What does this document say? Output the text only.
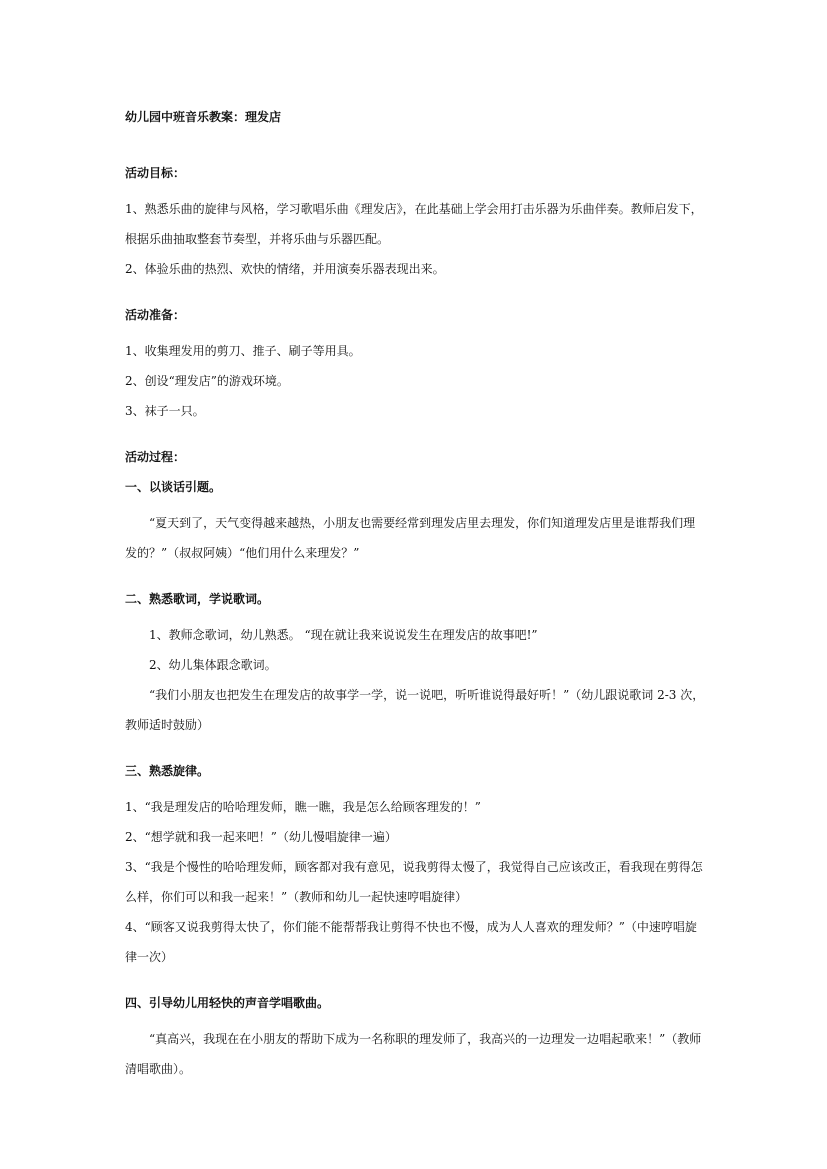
幼儿园中班音乐教案：理发店
活动目标：

1、熟悉乐曲的旋律与风格，学习歌唱乐曲《理发店》，在此基础上学会用打击乐器为乐曲伴奏。教师启发下，根据乐曲抽取整套节奏型，并将乐曲与乐器匹配。

2、体验乐曲的热烈、欢快的情绪，并用演奏乐器表现出来。

活动准备：

1、收集理发用的剪刀、推子、刷子等用具。

2、创设“理发店”的游戏环境。

3、袜子一只。

活动过程：
一、以谈话引题。

“夏天到了，天气变得越来越热，小朋友也需要经常到理发店里去理发，你们知道理发店里是谁帮我们理发的？”（叔叔阿姨）“他们用什么来理发？”

二、熟悉歌词，学说歌词。

1、教师念歌词，幼儿熟悉。 “现在就让我来说说发生在理发店的故事吧!”

2、幼儿集体跟念歌词。

“我们小朋友也把发生在理发店的故事学一学，说一说吧，听听谁说得最好听！”（幼儿跟说歌词 2-3 次，教师适时鼓励）

三、熟悉旋律。

1、“我是理发店的哈哈理发师，瞧一瞧，我是怎么给顾客理发的！”

2、“想学就和我一起来吧！”（幼儿慢唱旋律一遍）

3、“我是个慢性的哈哈理发师，顾客都对我有意见，说我剪得太慢了，我觉得自己应该改正，看我现在剪得怎么样，你们可以和我一起来！”（教师和幼儿一起快速哼唱旋律）

4、“顾客又说我剪得太快了，你们能不能帮帮我让剪得不快也不慢，成为人人喜欢的理发师？”（中速哼唱旋律一次）

四、引导幼儿用轻快的声音学唱歌曲。

“真高兴，我现在在小朋友的帮助下成为一名称职的理发师了，我高兴的一边理发一边唱起歌来！”（教师清唱歌曲）。
